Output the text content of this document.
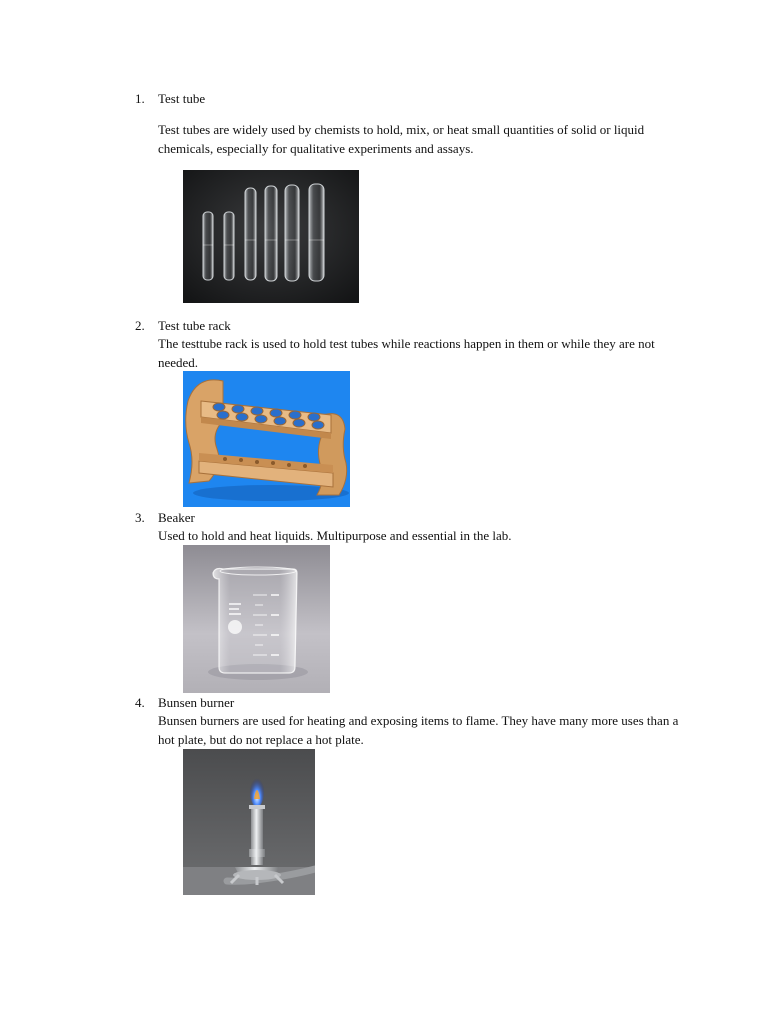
1. Test tube
Test tubes are widely used by chemists to hold, mix, or heat small quantities of solid or liquid chemicals, especially for qualitative experiments and assays.
2. Test tube rack
The testtube rack is used to hold test tubes while reactions happen in them or while they are not needed.
3. Beaker
Used to hold and heat liquids. Multipurpose and essential in the lab.
4. Bunsen burner
Bunsen burners are used for heating and exposing items to flame. They have many more uses than a hot plate, but do not replace a hot plate.
